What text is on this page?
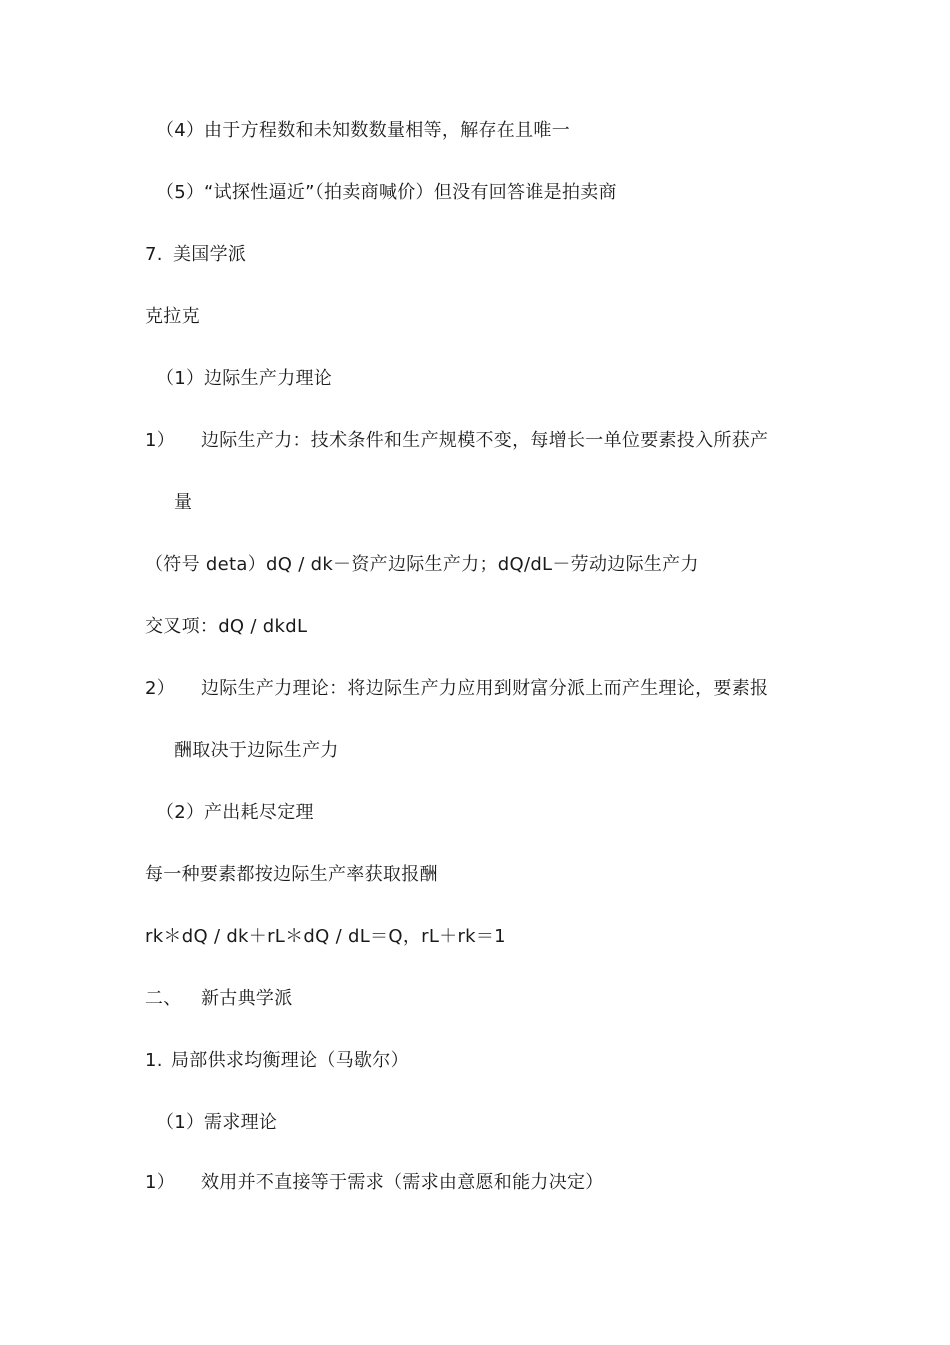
（4）由于方程数和未知数数量相等，解存在且唯一
（5）“试探性逼近”（拍卖商喊价）但没有回答谁是拍卖商
7. 美国学派
克拉克
（1）边际生产力理论
1） 边际生产力：技术条件和生产规模不变，每增长一单位要素投入所获产
量
（符号 deta）dQ / dk－资产边际生产力；dQ/dL－劳动边际生产力
交叉项：dQ / dkdL
2） 边际生产力理论：将边际生产力应用到财富分派上而产生理论，要素报
酬取决于边际生产力
（2）产出耗尽定理
每一种要素都按边际生产率获取报酬
rk＊dQ / dk＋rL＊dQ / dL＝Q，rL＋rk＝1
二、 新古典学派
1. 局部供求均衡理论（马歇尔）
（1）需求理论
1） 效用并不直接等于需求（需求由意愿和能力决定）
